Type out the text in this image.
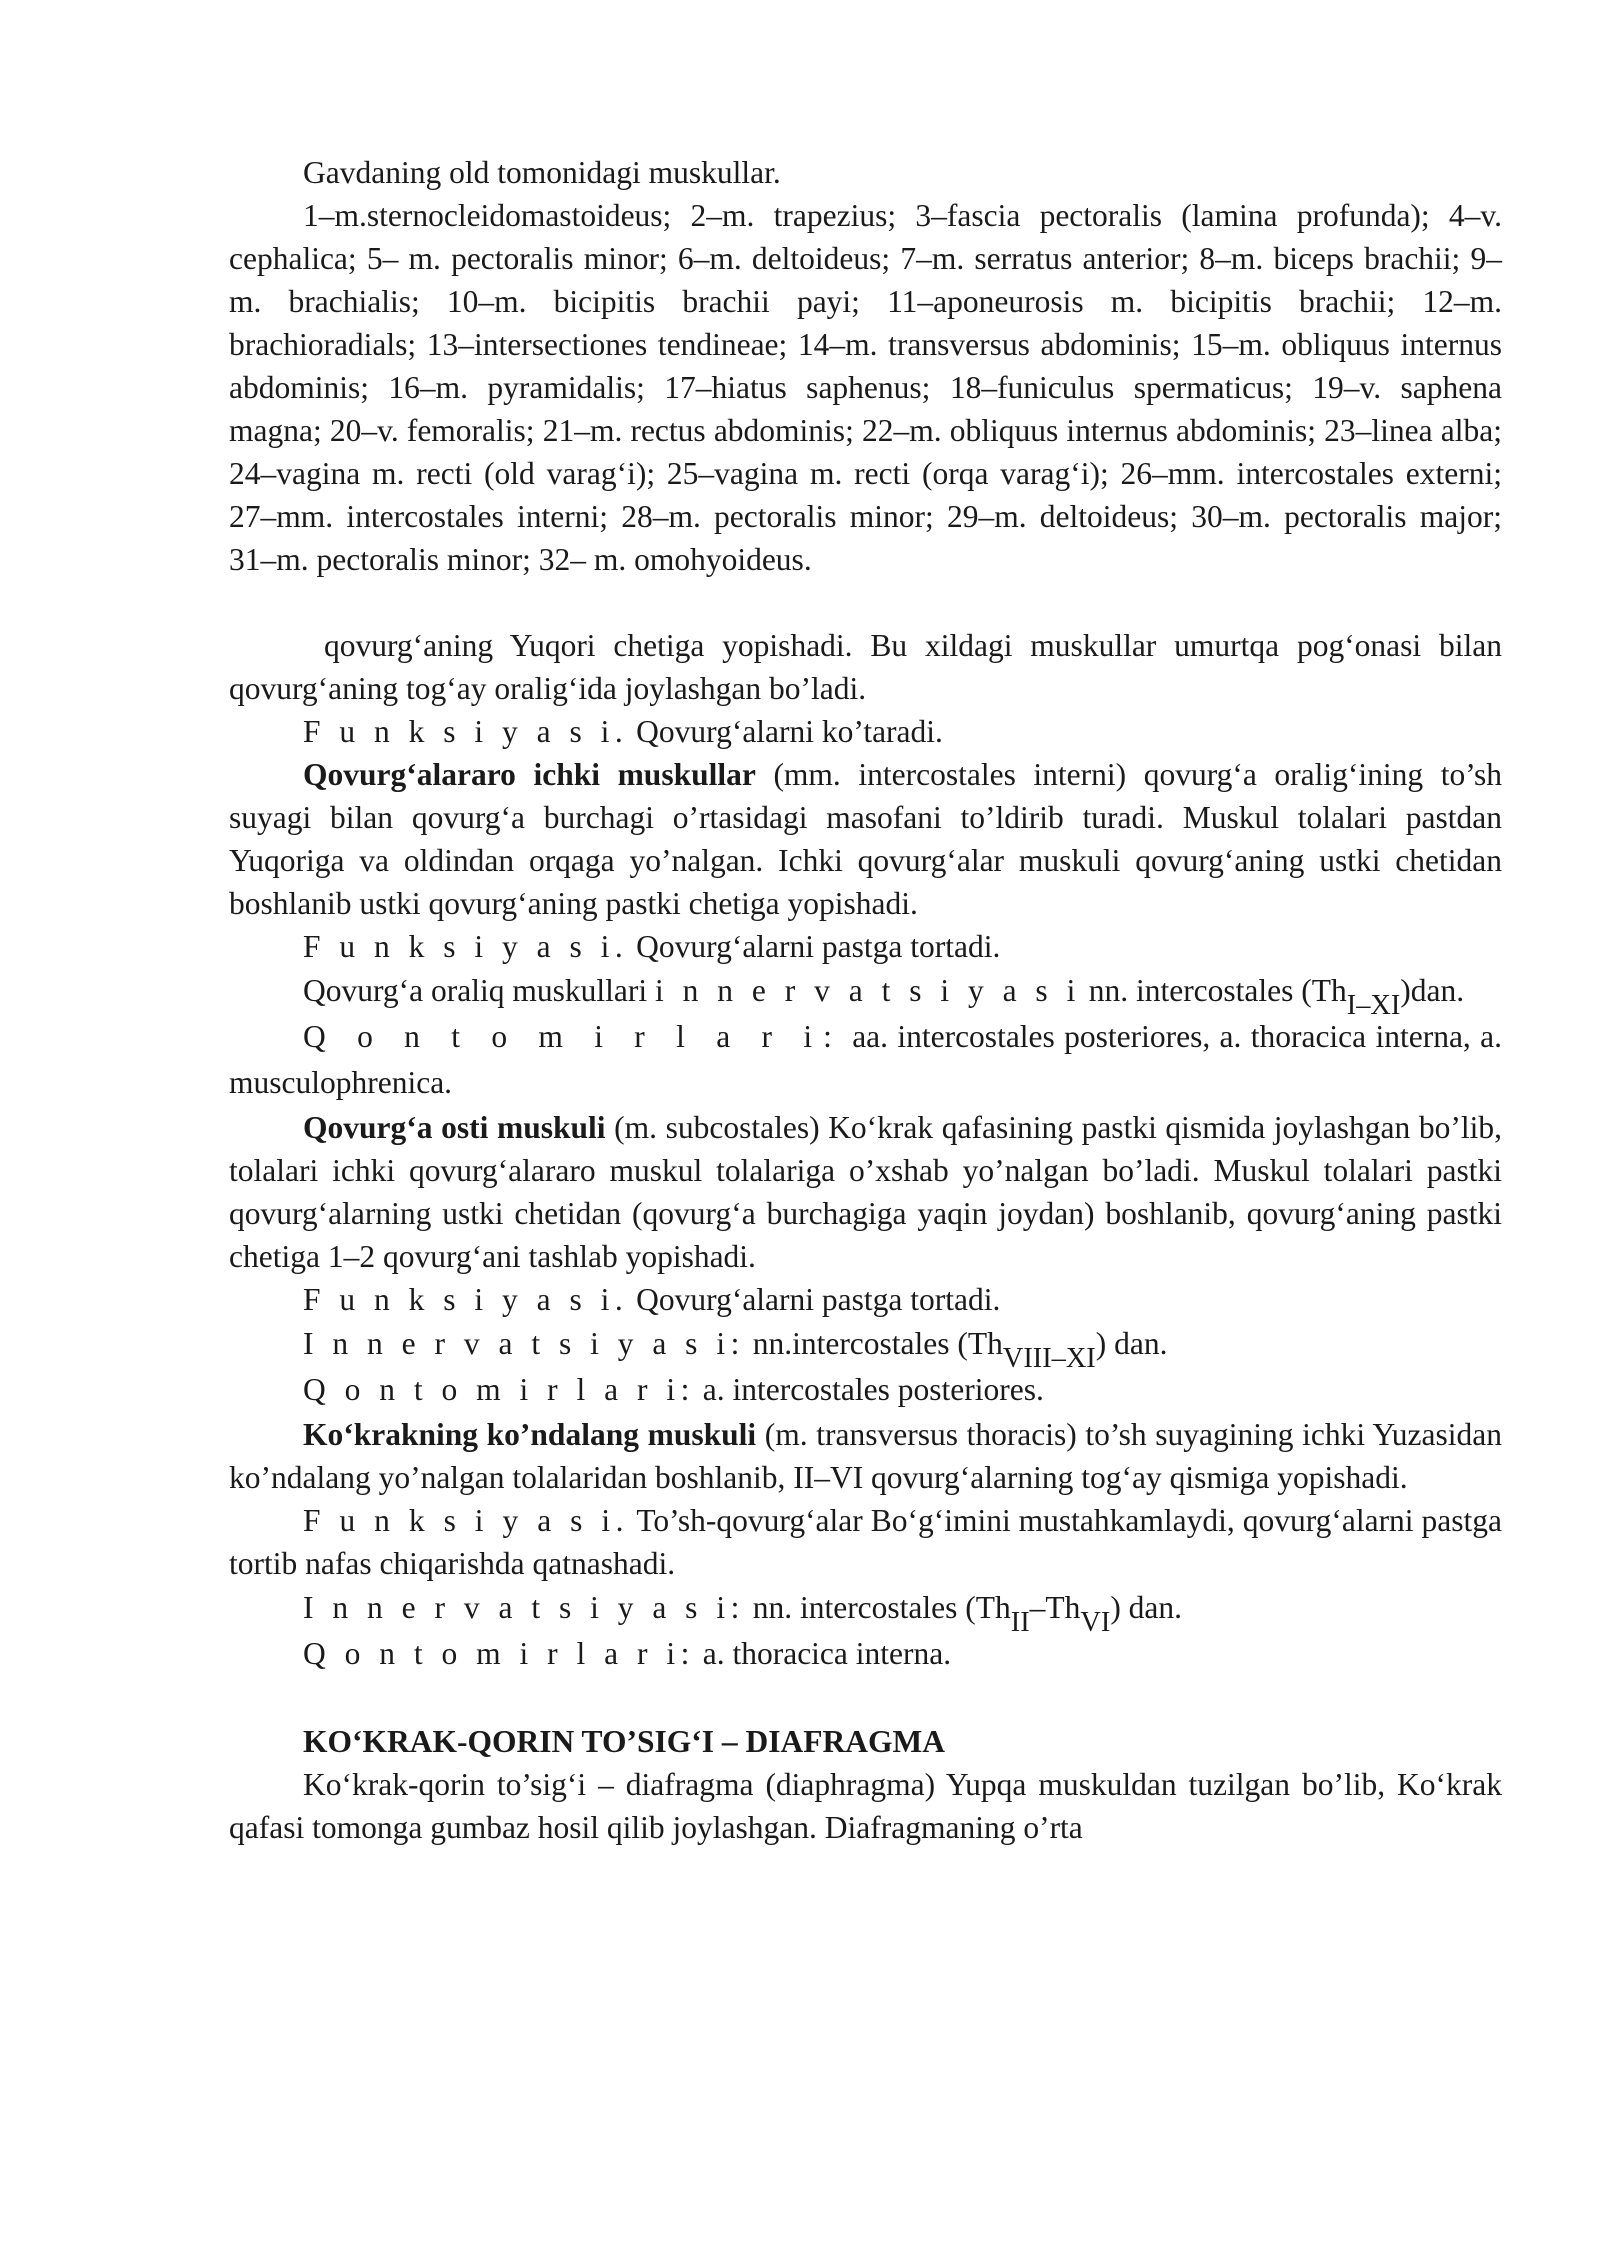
Gavdaning old tomonidagi muskullar.

1–m.sternocleidomastoideus; 2–m. trapezius; 3–fascia pectoralis (lamina profunda); 4–v. cephalica; 5– m. pectoralis minor; 6–m. deltoideus; 7–m. serratus anterior; 8–m. biceps brachii; 9–m. brachialis; 10–m. bicipitis brachii payi; 11–aponeurosis m. bicipitis brachii; 12–m. brachioradials; 13–intersectiones tendineae; 14–m. transversus abdominis; 15–m. obliquus internus abdominis; 16–m. pyramidalis; 17–hiatus saphenus; 18–funiculus spermaticus; 19–v. saphena magna; 20–v. femoralis; 21–m. rectus abdominis; 22–m. obliquus internus abdominis; 23–linea alba; 24–vagina m. recti (old varag‘i); 25–vagina m. recti (orqa varag‘i); 26–mm. intercostales externi; 27–mm. intercostales interni; 28–m. pectoralis minor; 29–m. deltoideus; 30–m. pectoralis major; 31–m. pectoralis minor; 32– m. omohyoideus.

qovurg‘aning Yuqori chetiga yopishadi. Bu xildagi muskullar umurtqa pog‘onasi bilan qovurg‘aning tog‘ay oralig‘ida joylashgan bo’ladi.

F u n k s i y a s i. Qovurg‘alarni ko’taradi.

Qovurg‘alararo ichki muskullar (mm. intercostales interni) qovurg‘a oralig‘ining to’sh suyagi bilan qovurg‘a burchagi o’rtasidagi masofani to’ldirib turadi. Muskul tolalari pastdan Yuqoriga va oldindan orqaga yo’nalgan. Ichki qovurg‘alar muskuli qovurg‘aning ustki chetidan boshlanib ustki qovurg‘aning pastki chetiga yopishadi.

F u n k s i y a s i. Qovurg‘alarni pastga tortadi.

Qovurg‘a oraliq muskullari i n n e r v a t s i y a s i nn. intercostales (ThI–XI)dan.

Q o n t o m i r l a r i: aa. intercostales posteriores, a. thoracica interna, a. musculophrenica.

Qovurg‘a osti muskuli (m. subcostales) Ko‘krak qafasining pastki qismida joylashgan bo’lib, tolalari ichki qovurg‘alararo muskul tolalariga o’xshab yo’nalgan bo’ladi. Muskul tolalari pastki qovurg‘alarning ustki chetidan (qovurg‘a burchagiga yaqin joydan) boshlanib, qovurg‘aning pastki chetiga 1–2 qovurg‘ani tashlab yopishadi.

F u n k s i y a s i. Qovurg‘alarni pastga tortadi.

I n n e r v a t s i y a s i: nn.intercostales (ThVIII–XI) dan.

Q o n t o m i r l a r i: a. intercostales posteriores.

Ko‘krakning ko’ndalang muskuli (m. transversus thoracis) to’sh suyagining ichki Yuzasidan ko’ndalang yo’nalgan tolalaridan boshlanib, II–VI qovurg‘alarning tog‘ay qismiga yopishadi.

F u n k s i y a s i. To’sh-qovurg‘alar Bo‘g‘imini mustahkamlaydi, qovurg‘alarni pastga tortib nafas chiqarishda qatnashadi.

I n n e r v a t s i y a s i: nn. intercostales (ThII–ThVI) dan.

Q o n t o m i r l a r i: a. thoracica interna.

KO‘KRAK-QORIN TO’SIG‘I – DIAFRAGMA

Ko‘krak-qorin to’sig‘i – diafragma (diaphragma) Yupqa muskuldan tuzilgan bo’lib, Ko‘krak qafasi tomonga gumbaz hosil qilib joylashgan. Diafragmaning o’rta
